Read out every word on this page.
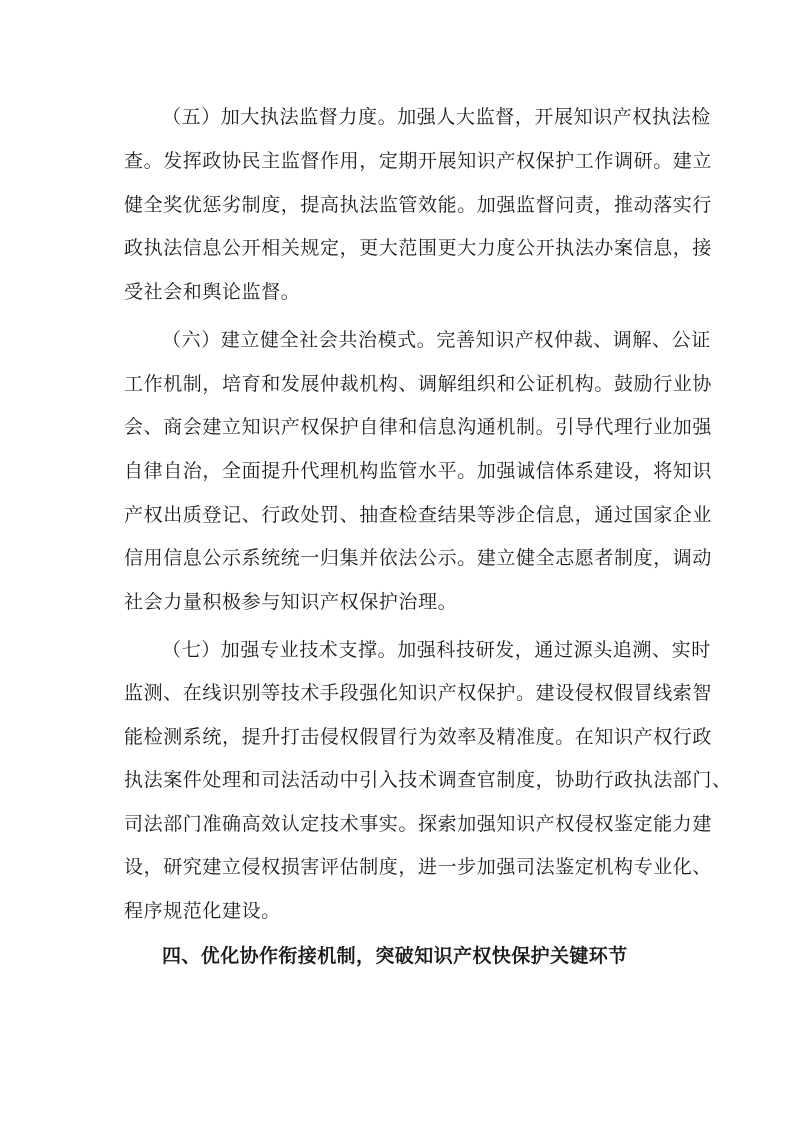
（五）加大执法监督力度。加强人大监督，开展知识产权执法检

查。发挥政协民主监督作用，定期开展知识产权保护工作调研。建立

健全奖优惩劣制度，提高执法监管效能。加强监督问责，推动落实行

政执法信息公开相关规定，更大范围更大力度公开执法办案信息，接

受社会和舆论监督。

（六）建立健全社会共治模式。完善知识产权仲裁、调解、公证

工作机制，培育和发展仲裁机构、调解组织和公证机构。鼓励行业协

会、商会建立知识产权保护自律和信息沟通机制。引导代理行业加强

自律自治，全面提升代理机构监管水平。加强诚信体系建设，将知识

产权出质登记、行政处罚、抽查检查结果等涉企信息，通过国家企业

信用信息公示系统统一归集并依法公示。建立健全志愿者制度，调动

社会力量积极参与知识产权保护治理。

（七）加强专业技术支撑。加强科技研发，通过源头追溯、实时

监测、在线识别等技术手段强化知识产权保护。建设侵权假冒线索智

能检测系统，提升打击侵权假冒行为效率及精准度。在知识产权行政

执法案件处理和司法活动中引入技术调查官制度，协助行政执法部门、

司法部门准确高效认定技术事实。探索加强知识产权侵权鉴定能力建

设，研究建立侵权损害评估制度，进一步加强司法鉴定机构专业化、

程序规范化建设。

四、优化协作衔接机制，突破知识产权快保护关键环节
